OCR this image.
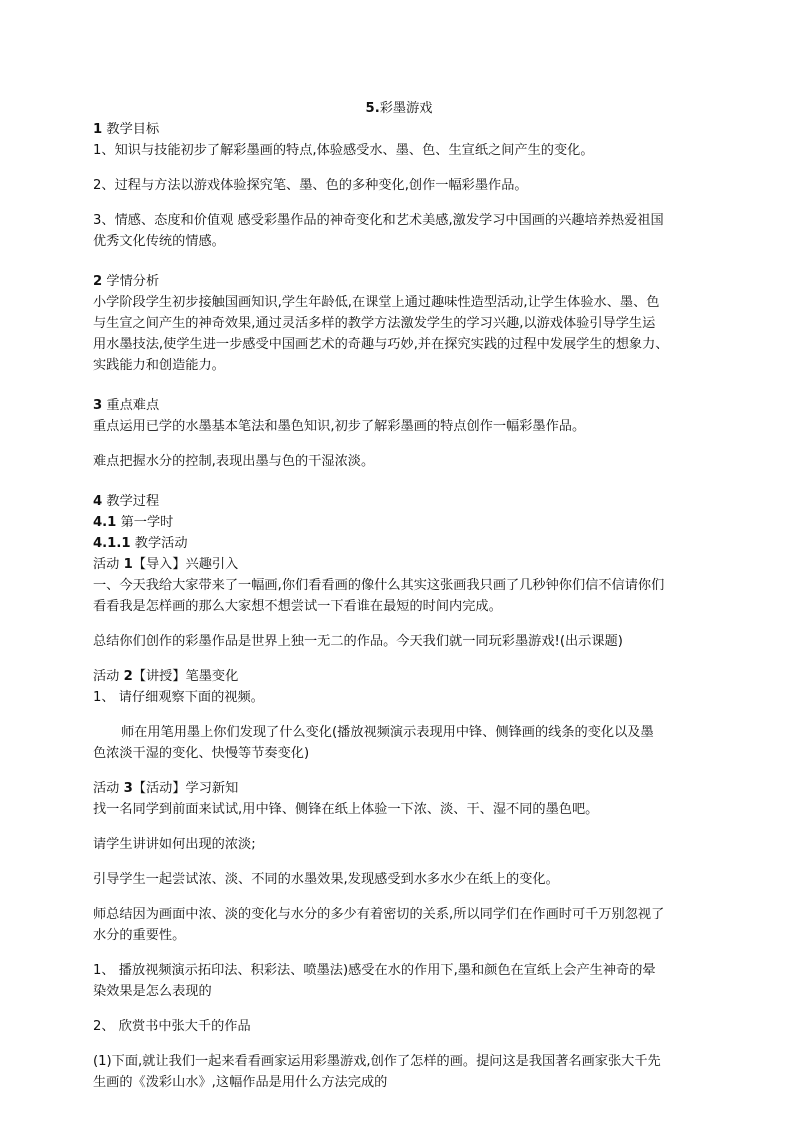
5.彩墨游戏

1 教学目标

1、知识与技能初步了解彩墨画的特点,体验感受水、墨、色、生宣纸之间产生的变化。

2、过程与方法以游戏体验探究笔、墨、色的多种变化,创作一幅彩墨作品。

3、情感、态度和价值观 感受彩墨作品的神奇变化和艺术美感,激发学习中国画的兴趣培养热爱祖国

优秀文化传统的情感。

2 学情分析

小学阶段学生初步接触国画知识,学生年龄低,在课堂上通过趣味性造型活动,让学生体验水、墨、色

与生宣之间产生的神奇效果,通过灵活多样的教学方法激发学生的学习兴趣,以游戏体验引导学生运

用水墨技法,使学生进一步感受中国画艺术的奇趣与巧妙,并在探究实践的过程中发展学生的想象力、

实践能力和创造能力。

3 重点难点

重点运用已学的水墨基本笔法和墨色知识,初步了解彩墨画的特点创作一幅彩墨作品。

难点把握水分的控制,表现出墨与色的干湿浓淡。

4 教学过程

4.1 第一学时

4.1.1 教学活动

活动 1【导入】兴趣引入

一、今天我给大家带来了一幅画,你们看看画的像什么其实这张画我只画了几秒钟你们信不信请你们

看看我是怎样画的那么大家想不想尝试一下看谁在最短的时间内完成。

总结你们创作的彩墨作品是世界上独一无二的作品。今天我们就一同玩彩墨游戏!(出示课题)

活动 2【讲授】笔墨变化

1、 请仔细观察下面的视频。

师在用笔用墨上你们发现了什么变化(播放视频演示表现用中锋、侧锋画的线条的变化以及墨

色浓淡干湿的变化、快慢等节奏变化)

活动 3【活动】学习新知

找一名同学到前面来试试,用中锋、侧锋在纸上体验一下浓、淡、干、湿不同的墨色吧。

请学生讲讲如何出现的浓淡;

引导学生一起尝试浓、淡、不同的水墨效果,发现感受到水多水少在纸上的变化。

师总结因为画面中浓、淡的变化与水分的多少有着密切的关系,所以同学们在作画时可千万别忽视了

水分的重要性。

1、 播放视频演示拓印法、积彩法、喷墨法)感受在水的作用下,墨和颜色在宣纸上会产生神奇的晕

染效果是怎么表现的

2、 欣赏书中张大千的作品

(1)下面,就让我们一起来看看画家运用彩墨游戏,创作了怎样的画。提问这是我国著名画家张大千先

生画的《泼彩山水》,这幅作品是用什么方法完成的
